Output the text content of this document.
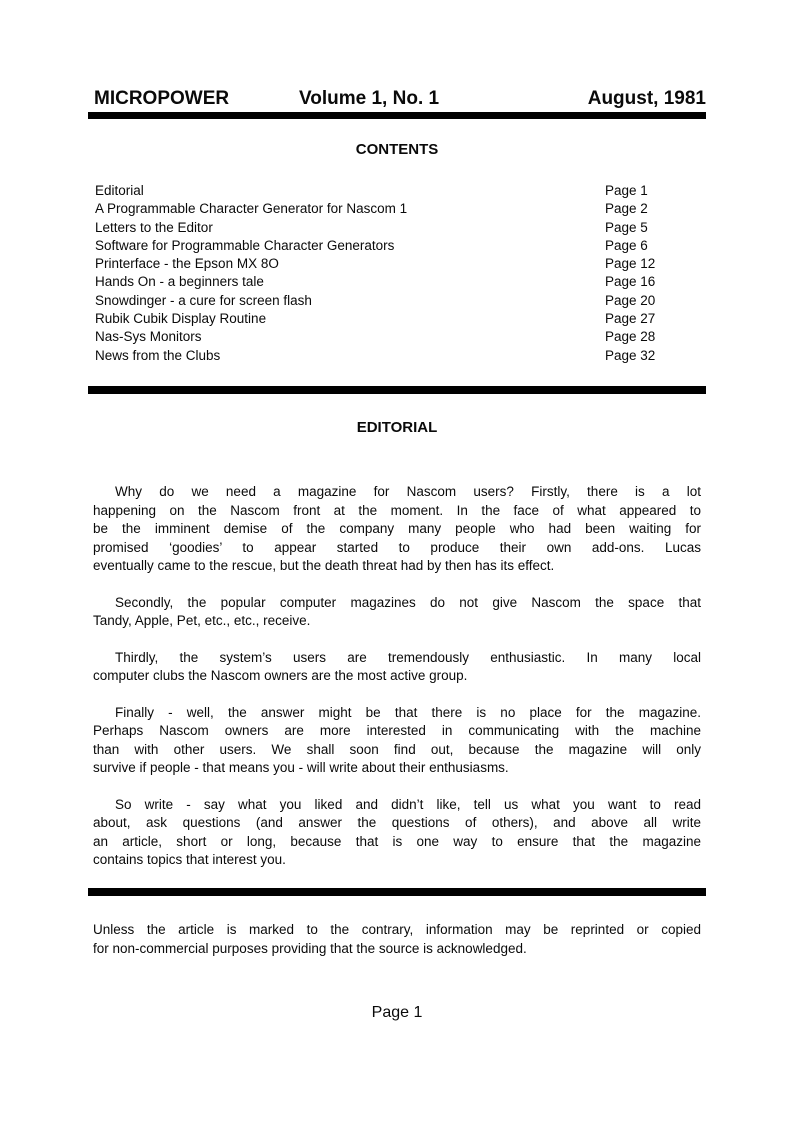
MICROPOWER	Volume 1, No. 1	August, 1981
CONTENTS
Editorial	Page 1
A Programmable Character Generator for Nascom 1	Page 2
Letters to the Editor	Page 5
Software for Programmable Character Generators	Page 6
Printerface - the Epson MX 8O	Page 12
Hands On - a beginners tale	Page 16
Snowdinger - a cure for screen flash	Page 20
Rubik Cubik Display Routine	Page 27
Nas-Sys Monitors	Page 28
News from the Clubs	Page 32
EDITORIAL
Why do we need a magazine for Nascom users? Firstly, there is a lot
happening on the Nascom front at the moment. In the face of what appeared to
be the imminent demise of the company many people who had been waiting for
promised ‘goodies’ to appear started to produce their own add-ons. Lucas
eventually came to the rescue, but the death threat had by then has its effect.
Secondly, the popular computer magazines do not give Nascom the space that
Tandy, Apple, Pet, etc., etc., receive.
Thirdly, the system’s users are tremendously enthusiastic. In many local
computer clubs the Nascom owners are the most active group.
Finally - well, the answer might be that there is no place for the magazine.
Perhaps Nascom owners are more interested in communicating with the machine
than with other users. We shall soon find out, because the magazine will only
survive if people - that means you - will write about their enthusiasms.
So write - say what you liked and didn’t like, tell us what you want to read
about, ask questions (and answer the questions of others), and above all write
an article, short or long, because that is one way to ensure that the magazine
contains topics that interest you.
Unless the article is marked to the contrary, information may be reprinted or copied
for non-commercial purposes providing that the source is acknowledged.
Page 1
